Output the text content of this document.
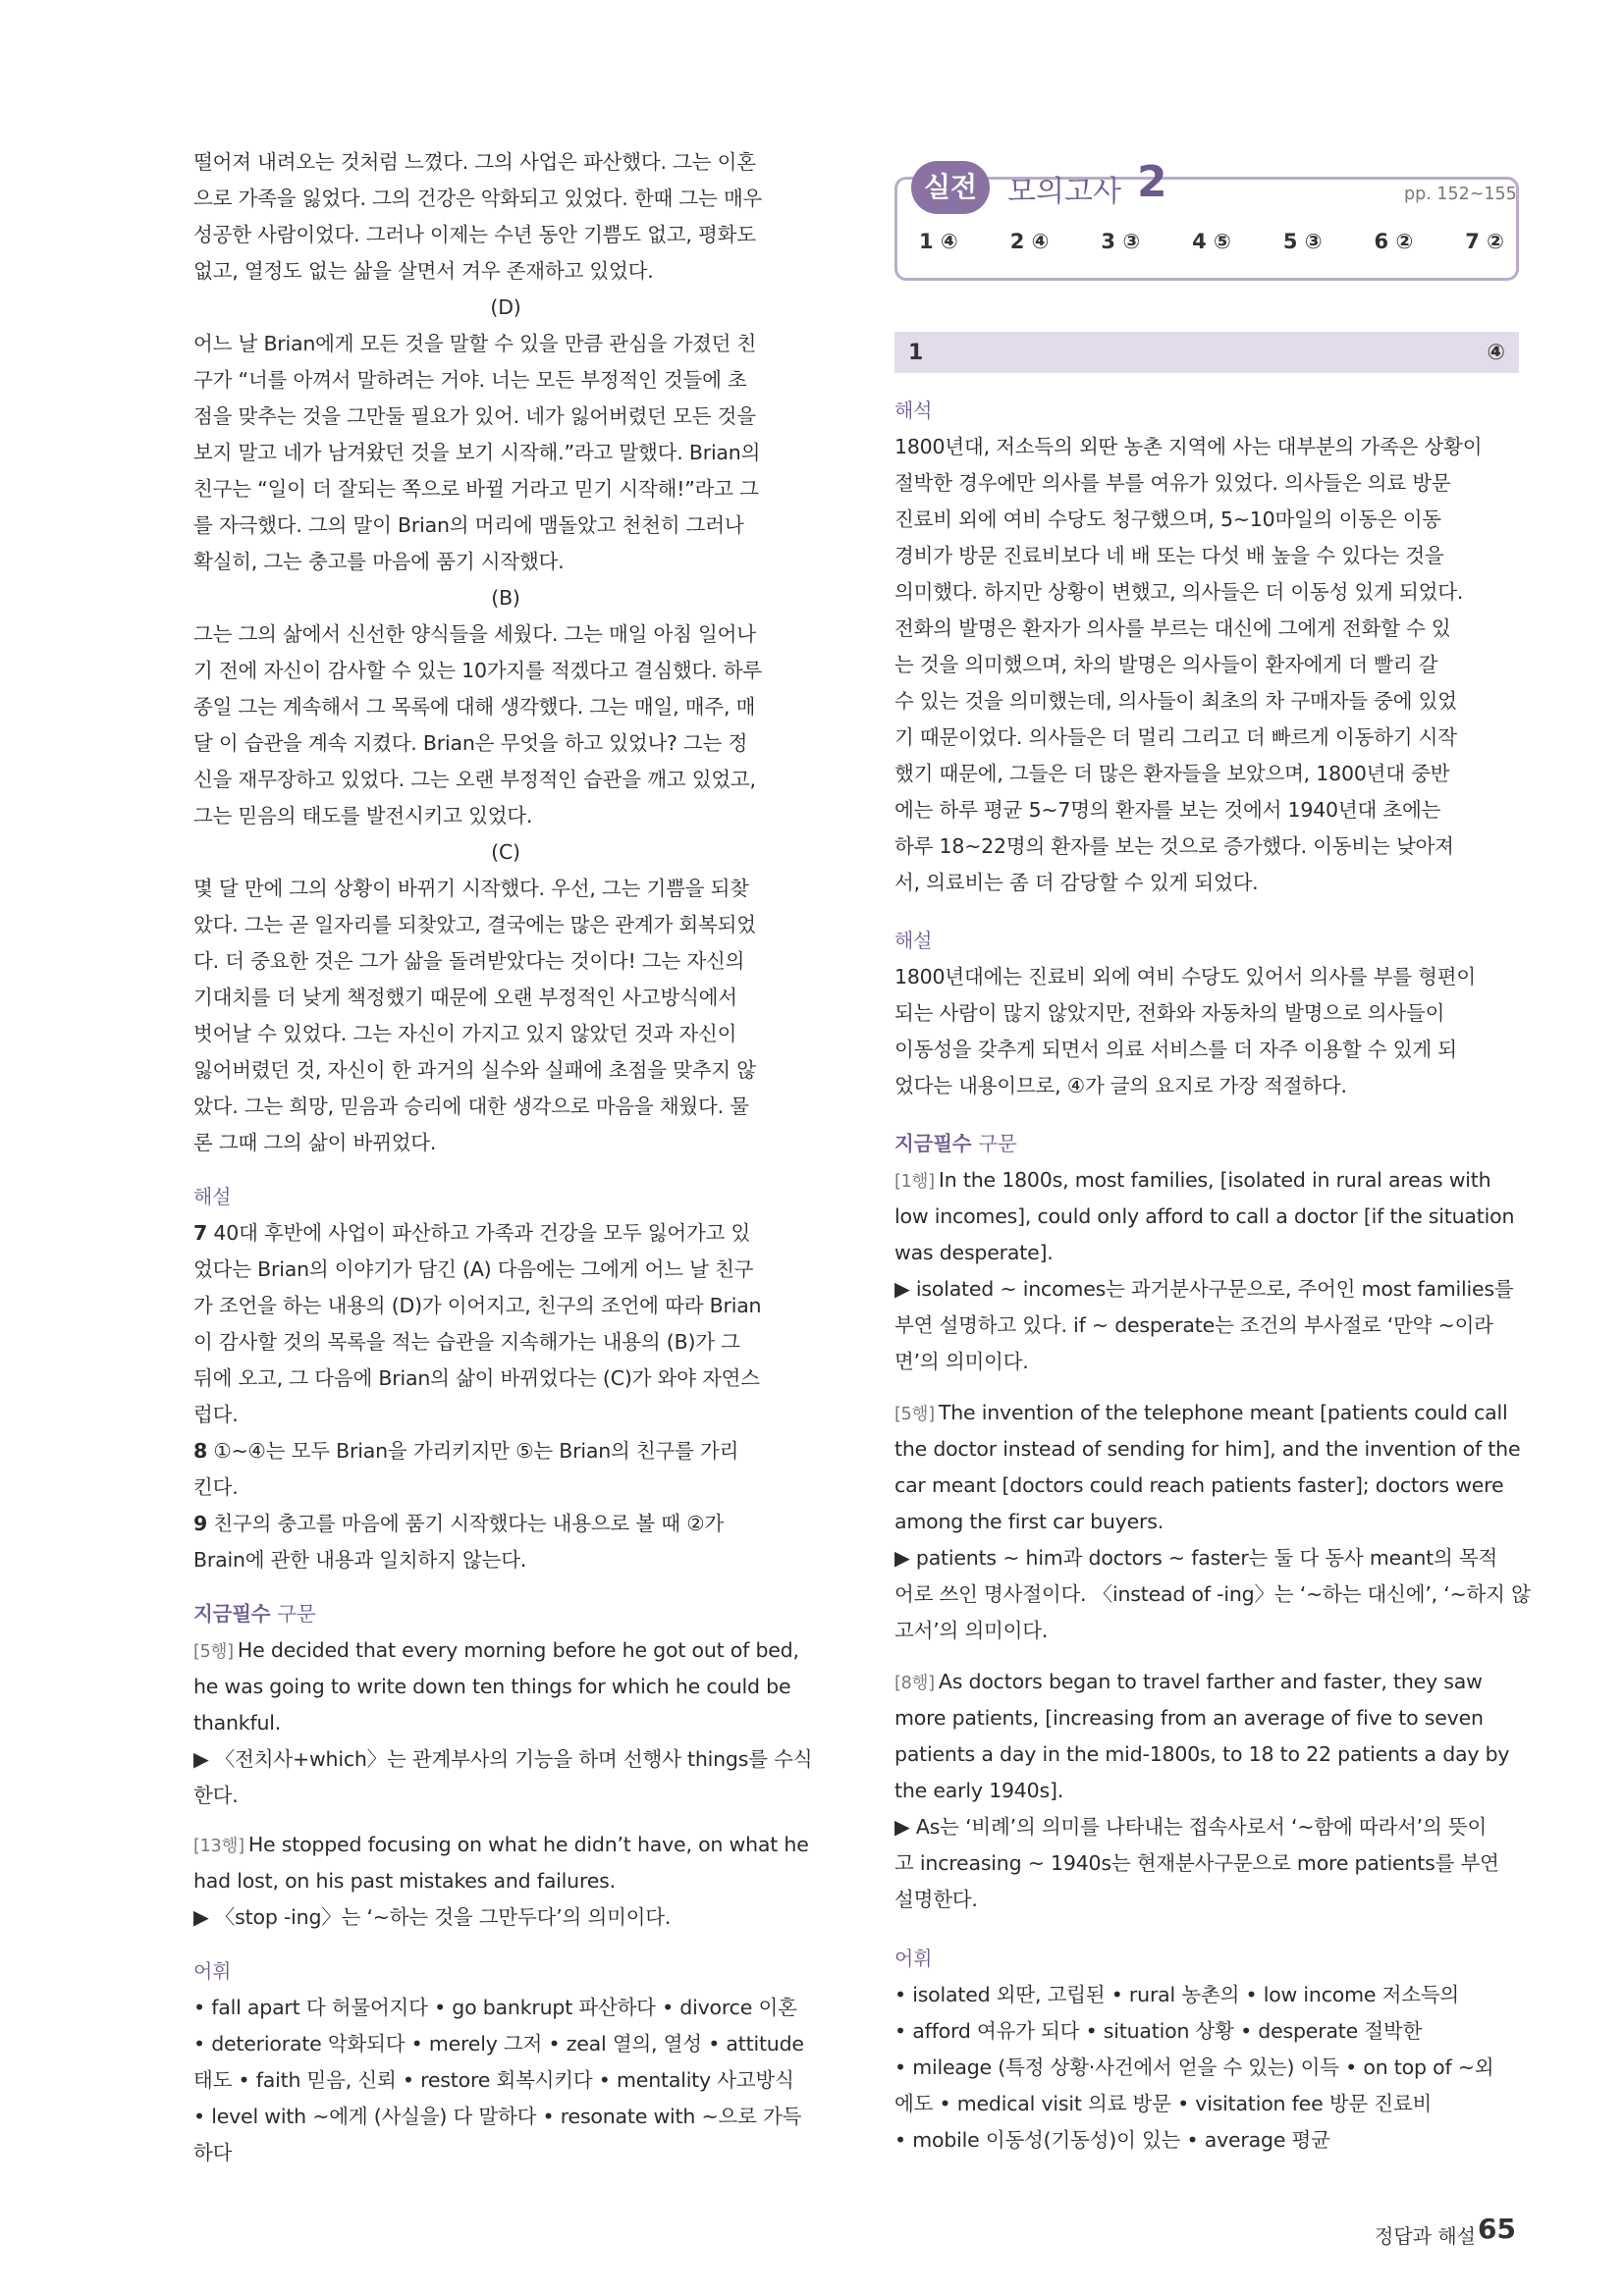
떨어져 내려오는 것처럼 느꼈다. 그의 사업은 파산했다. 그는 이혼
으로 가족을 잃었다. 그의 건강은 악화되고 있었다. 한때 그는 매우
성공한 사람이었다. 그러나 이제는 수년 동안 기쁨도 없고, 평화도
없고, 열정도 없는 삶을 살면서 겨우 존재하고 있었다.
(D)
어느 날 Brian에게 모든 것을 말할 수 있을 만큼 관심을 가졌던 친
구가 “너를 아껴서 말하려는 거야. 너는 모든 부정적인 것들에 초
점을 맞추는 것을 그만둘 필요가 있어. 네가 잃어버렸던 모든 것을
보지 말고 네가 남겨왔던 것을 보기 시작해.”라고 말했다. Brian의
친구는 “일이 더 잘되는 쪽으로 바뀔 거라고 믿기 시작해!”라고 그
를 자극했다. 그의 말이 Brian의 머리에 맴돌았고 천천히 그러나
확실히, 그는 충고를 마음에 품기 시작했다.
(B)
그는 그의 삶에서 신선한 양식들을 세웠다. 그는 매일 아침 일어나
기 전에 자신이 감사할 수 있는 10가지를 적겠다고 결심했다. 하루
종일 그는 계속해서 그 목록에 대해 생각했다. 그는 매일, 매주, 매
달 이 습관을 계속 지켰다. Brian은 무엇을 하고 있었나? 그는 정
신을 재무장하고 있었다. 그는 오랜 부정적인 습관을 깨고 있었고,
그는 믿음의 태도를 발전시키고 있었다.
(C)
몇 달 만에 그의 상황이 바뀌기 시작했다. 우선, 그는 기쁨을 되찾
았다. 그는 곧 일자리를 되찾았고, 결국에는 많은 관계가 회복되었
다. 더 중요한 것은 그가 삶을 돌려받았다는 것이다! 그는 자신의
기대치를 더 낮게 책정했기 때문에 오랜 부정적인 사고방식에서
벗어날 수 있었다. 그는 자신이 가지고 있지 않았던 것과 자신이
잃어버렸던 것, 자신이 한 과거의 실수와 실패에 초점을 맞추지 않
았다. 그는 희망, 믿음과 승리에 대한 생각으로 마음을 채웠다. 물
론 그때 그의 삶이 바뀌었다.
해설
7 40대 후반에 사업이 파산하고 가족과 건강을 모두 잃어가고 있
었다는 Brian의 이야기가 담긴 (A) 다음에는 그에게 어느 날 친구
가 조언을 하는 내용의 (D)가 이어지고, 친구의 조언에 따라 Brian
이 감사할 것의 목록을 적는 습관을 지속해가는 내용의 (B)가 그
뒤에 오고, 그 다음에 Brian의 삶이 바뀌었다는 (C)가 와야 자연스
럽다.
8 ①~④는 모두 Brian을 가리키지만 ⑤는 Brian의 친구를 가리
킨다.
9 친구의 충고를 마음에 품기 시작했다는 내용으로 볼 때 ②가
Brain에 관한 내용과 일치하지 않는다.
지금필수 구문
[5행] He decided that every morning before he got out of bed,
he was going to write down ten things for which he could be
thankful.
▶ 〈전치사+which〉는 관계부사의 기능을 하며 선행사 things를 수식
한다.
[13행] He stopped focusing on what he didn’t have, on what he
had lost, on his past mistakes and failures.
▶ 〈stop -ing〉는 ‘~하는 것을 그만두다’의 의미이다.
어휘
• fall apart 다 허물어지다 • go bankrupt 파산하다 • divorce 이혼
• deteriorate 악화되다 • merely 그저 • zeal 열의, 열성 • attitude
태도 • faith 믿음, 신뢰 • restore 회복시키다 • mentality 사고방식
• level with ~에게 (사실을) 다 말하다 • resonate with ~으로 가득
하다
실전	모의고사 2	pp. 152~155
1 ④	2 ④	3 ③	4 ⑤	5 ③	6 ②	7 ②
1	④
해석
1800년대, 저소득의 외딴 농촌 지역에 사는 대부분의 가족은 상황이
절박한 경우에만 의사를 부를 여유가 있었다. 의사들은 의료 방문
진료비 외에 여비 수당도 청구했으며, 5~10마일의 이동은 이동
경비가 방문 진료비보다 네 배 또는 다섯 배 높을 수 있다는 것을
의미했다. 하지만 상황이 변했고, 의사들은 더 이동성 있게 되었다.
전화의 발명은 환자가 의사를 부르는 대신에 그에게 전화할 수 있
는 것을 의미했으며, 차의 발명은 의사들이 환자에게 더 빨리 갈
수 있는 것을 의미했는데, 의사들이 최초의 차 구매자들 중에 있었
기 때문이었다. 의사들은 더 멀리 그리고 더 빠르게 이동하기 시작
했기 때문에, 그들은 더 많은 환자들을 보았으며, 1800년대 중반
에는 하루 평균 5~7명의 환자를 보는 것에서 1940년대 초에는
하루 18~22명의 환자를 보는 것으로 증가했다. 이동비는 낮아져
서, 의료비는 좀 더 감당할 수 있게 되었다.
해설
1800년대에는 진료비 외에 여비 수당도 있어서 의사를 부를 형편이
되는 사람이 많지 않았지만, 전화와 자동차의 발명으로 의사들이
이동성을 갖추게 되면서 의료 서비스를 더 자주 이용할 수 있게 되
었다는 내용이므로, ④가 글의 요지로 가장 적절하다.
지금필수 구문
[1행] In the 1800s, most families, [isolated in rural areas with
low incomes], could only afford to call a doctor [if the situation
was desperate].
▶ isolated ~ incomes는 과거분사구문으로, 주어인 most families를
부연 설명하고 있다. if ~ desperate는 조건의 부사절로 ‘만약 ~이라
면’의 의미이다.
[5행] The invention of the telephone meant [patients could call
the doctor instead of sending for him], and the invention of the
car meant [doctors could reach patients faster]; doctors were
among the first car buyers.
▶ patients ~ him과 doctors ~ faster는 둘 다 동사 meant의 목적
어로 쓰인 명사절이다. 〈instead of -ing〉는 ‘~하는 대신에’, ‘~하지 않
고서’의 의미이다.
[8행] As doctors began to travel farther and faster, they saw
more patients, [increasing from an average of five to seven
patients a day in the mid-1800s, to 18 to 22 patients a day by
the early 1940s].
▶ As는 ‘비례’의 의미를 나타내는 접속사로서 ‘~함에 따라서’의 뜻이
고 increasing ~ 1940s는 현재분사구문으로 more patients를 부연
설명한다.
어휘
• isolated 외딴, 고립된 • rural 농촌의 • low income 저소득의
• afford 여유가 되다 • situation 상황 • desperate 절박한
• mileage (특정 상황·사건에서 얻을 수 있는) 이득 • on top of ~외
에도 • medical visit 의료 방문 • visitation fee 방문 진료비
• mobile 이동성(기동성)이 있는 • average 평균
정답과 해설 65
